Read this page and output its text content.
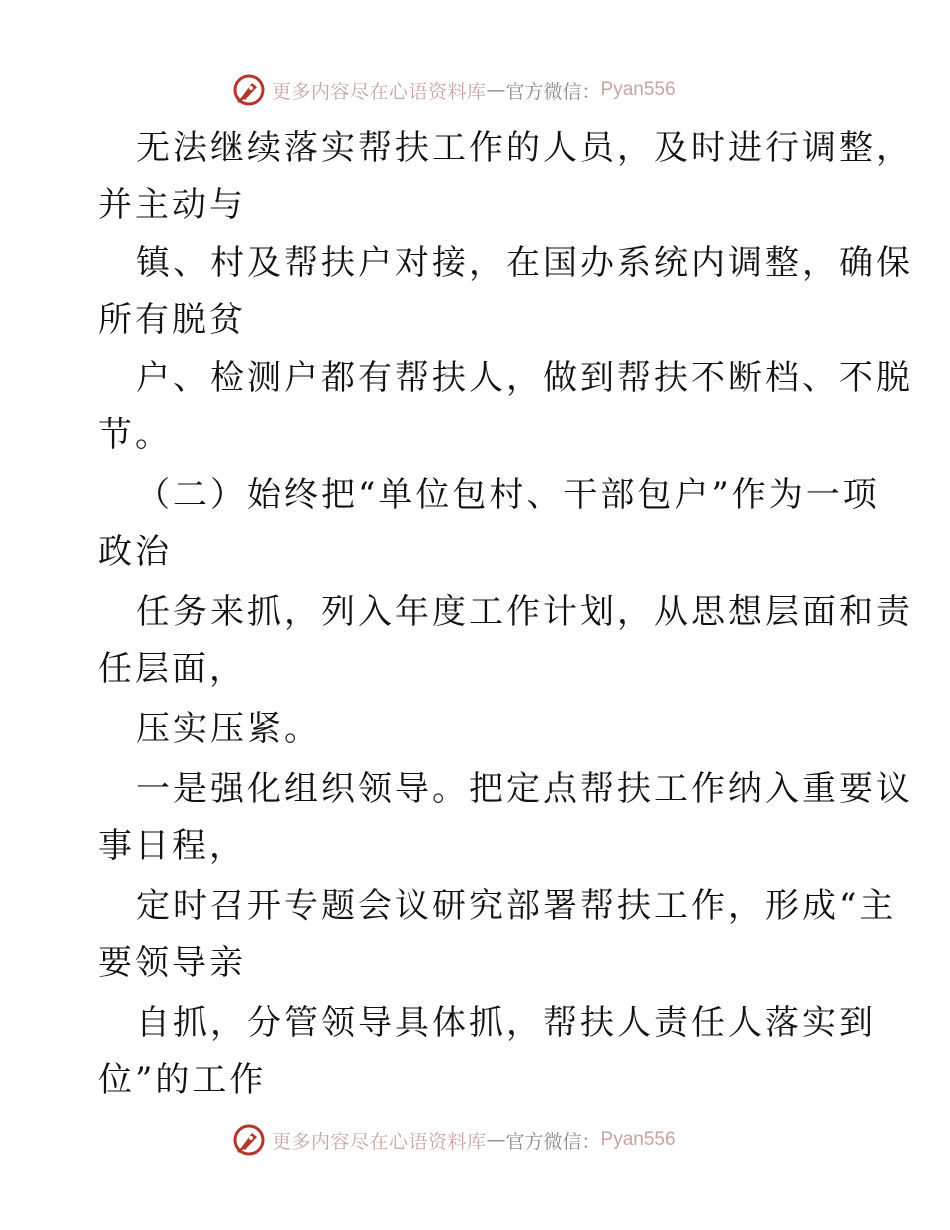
更多内容尽在心语资料库 — 官方微信： Pyan556
无法继续落实帮扶工作的人员，及时进行调整，
并主动与
镇、村及帮扶户对接，在国办系统内调整，确保
所有脱贫
户、检测户都有帮扶人，做到帮扶不断档、不脱
节。
（二）始终把“单位包村、干部包户”作为一项
政治
任务来抓，列入年度工作计划，从思想层面和责
任层面，
压实压紧。
一是强化组织领导。把定点帮扶工作纳入重要议
事日程，
定时召开专题会议研究部署帮扶工作，形成“主
要领导亲
自抓，分管领导具体抓，帮扶人责任人落实到
位”的工作
更多内容尽在心语资料库 — 官方微信： Pyan556
